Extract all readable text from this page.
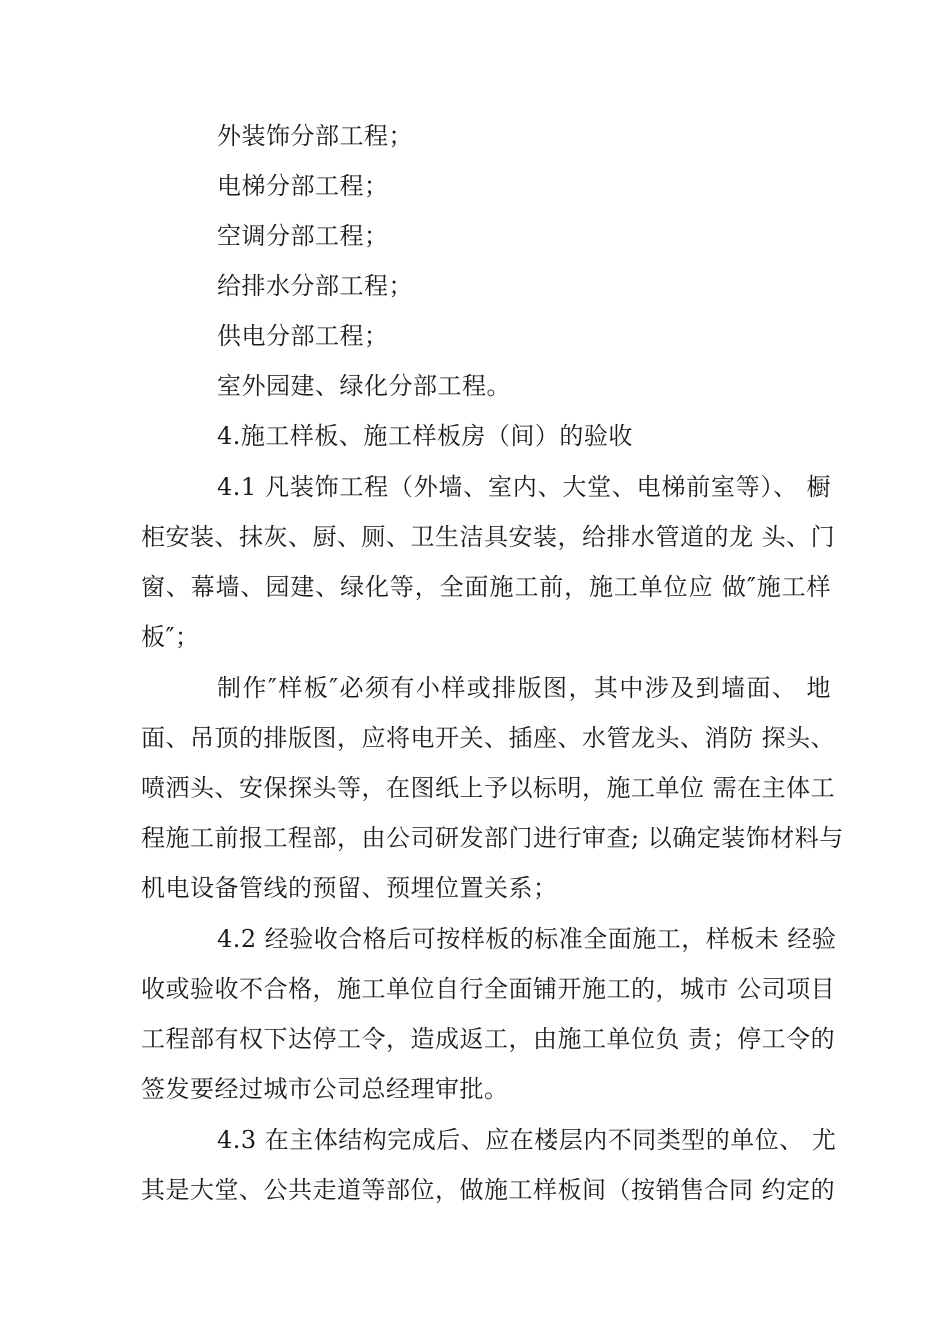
外装饰分部工程；
电梯分部工程；
空调分部工程；
给排水分部工程；
供电分部工程；
室外园建、绿化分部工程。
4.施工样板、施工样板房（间）的验收
4.1 凡装饰工程（外墙、室内、大堂、电梯前室等）、 橱
柜安装、抹灰、厨、厕、卫生洁具安装，给排水管道的龙 头、门
窗、幕墙、园建、绿化等，全面施工前，施工单位应 做″施工样
板″；
制作″样板″必须有小样或排版图，其中涉及到墙面、 地
面、吊顶的排版图，应将电开关、插座、水管龙头、消防 探头、
喷洒头、安保探头等，在图纸上予以标明，施工单位 需在主体工
程施工前报工程部，由公司研发部门进行审查; 以确定装饰材料与
机电设备管线的预留、预埋位置关系；
4.2 经验收合格后可按样板的标准全面施工，样板未 经验
收或验收不合格，施工单位自行全面铺开施工的，城市 公司项目
工程部有权下达停工令，造成返工，由施工单位负 责；停工令的
签发要经过城市公司总经理审批。
4.3 在主体结构完成后、应在楼层内不同类型的单位、 尤
其是大堂、公共走道等部位，做施工样板间（按销售合同 约定的
